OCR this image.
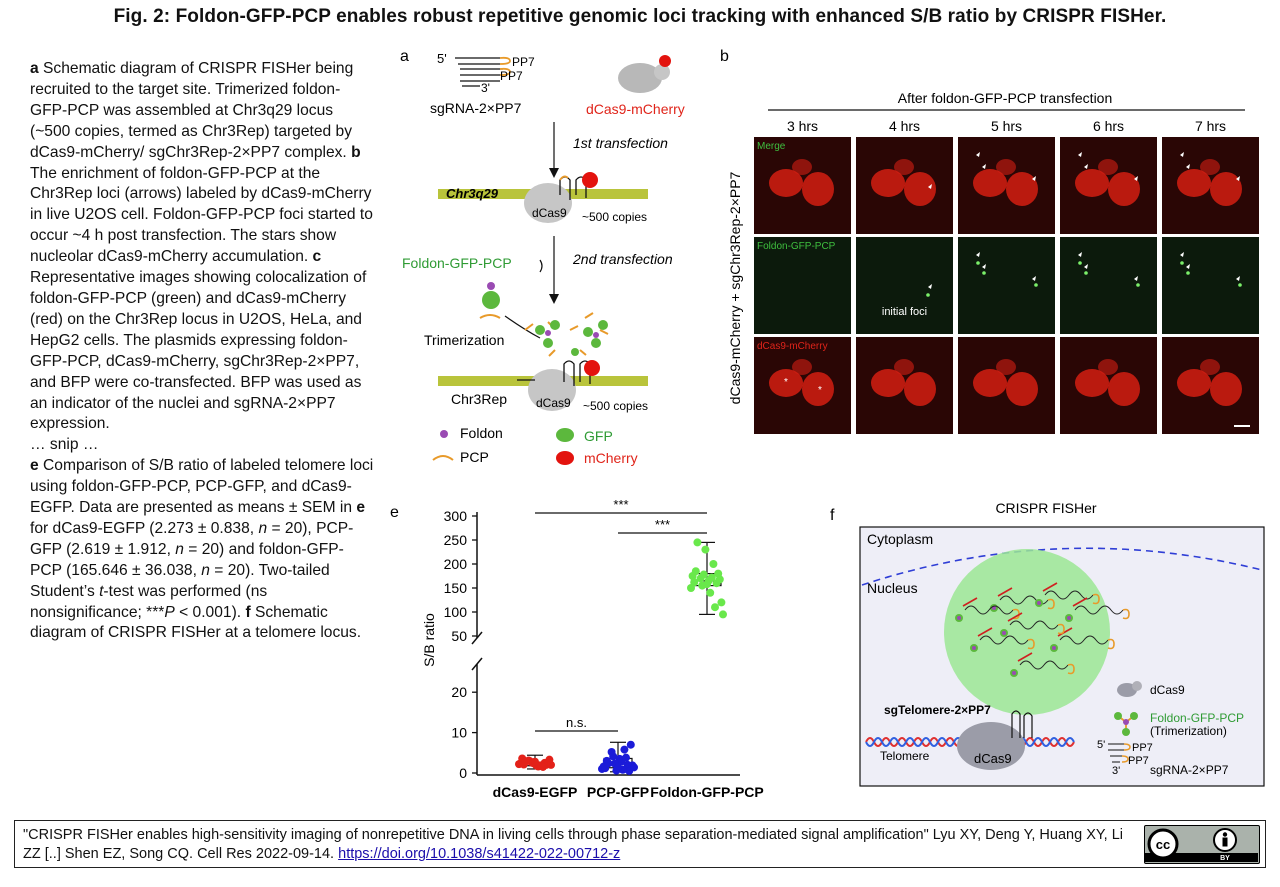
Fig. 2: Foldon-GFP-PCP enables robust repetitive genomic loci tracking with enhanced S/B ratio by CRISPR FISHer.
a Schematic diagram of CRISPR FISHer being recruited to the target site. Trimerized foldon-GFP-PCP was assembled at Chr3q29 locus (~500 copies, termed as Chr3Rep) targeted by dCas9-mCherry/ sgChr3Rep-2×PP7 complex. b The enrichment of foldon-GFP-PCP at the Chr3Rep loci (arrows) labeled by dCas9-mCherry in live U2OS cell. Foldon-GFP-PCP foci started to occur ~4 h post transfection. The stars show nucleolar dCas9-mCherry accumulation. c Representative images showing colocalization of foldon-GFP-PCP (green) and dCas9-mCherry (red) on the Chr3Rep locus in U2OS, HeLa, and HepG2 cells. The plasmids expressing foldon-GFP-PCP, dCas9-mCherry, sgChr3Rep-2×PP7, and BFP were co-transfected. BFP was used as an indicator of the nuclei and sgRNA-2×PP7 expression.
… snip …
e Comparison of S/B ratio of labeled telomere loci using foldon-GFP-PCP, PCP-GFP, and dCas9-EGFP. Data are presented as means ± SEM in e for dCas9-EGFP (2.273 ± 0.838, n = 20), PCP-GFP (2.619 ± 1.912, n = 20) and foldon-GFP-PCP (165.646 ± 36.038, n = 20). Two-tailed Student’s t-test was performed (ns nonsignificance; ***P < 0.001). f Schematic diagram of CRISPR FISHer at a telomere locus.
a 5'	PP7
PP7
3'
sgRNA-2×PP7	dCas9-mCherry
1st transfection
Chr3q29
dCas9 ~500 copies
Foldon-GFP-PCP	2nd transfection
Trimerization
Chr3Rep dCas9 ~500 copies
Foldon	GFP
PCP	mCherry
b
After foldon-GFP-PCP transfection
3 hrs	4 hrs	5 hrs	6 hrs	7 hrs
Merge
Foldon-GFP-PCP
initial foci
dCas9-mCherry
*
*
dCas9-mCherry + sgChr3Rep-2×PP7
e
S/B ratio 50
100
150
200
250
300
0
10
20
dCas9-EGFP PCP-GFP Foldon-GFP-PCP
***
***
n.s.
f	CRISPR FISHer
Cytoplasm
Nucleus
sgTelomere-2×PP7
dCas9
Telomere
dCas9
Foldon-GFP-PCP
(Trimerization)
5' PP7
PP7
3' sgRNA-2×PP7
"CRISPR FISHer enables high-sensitivity imaging of nonrepetitive DNA in living cells through phase separation-mediated signal amplification" Lyu XY, Deng Y, Huang XY, Li ZZ [..] Shen EZ, Song CQ. Cell Res 2022-09-14. https://doi.org/10.1038/s41422-022-00712-z
cc
BY
